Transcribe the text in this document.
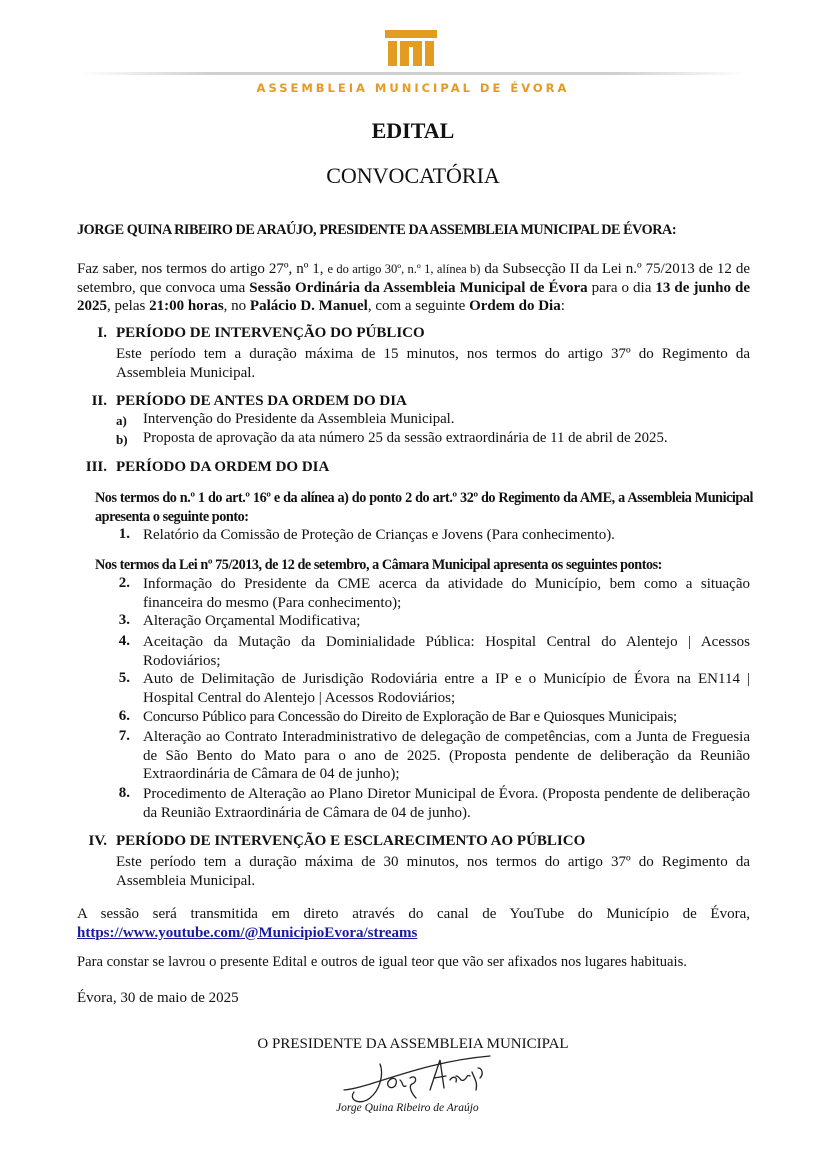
ASSEMBLEIA MUNICIPAL DE ÉVORA
EDITAL
CONVOCATÓRIA
JORGE QUINA RIBEIRO DE ARAÚJO, PRESIDENTE DA ASSEMBLEIA MUNICIPAL DE ÉVORA:
Faz saber, nos termos do artigo 27º, nº 1, e do artigo 30º, n.º 1, alínea b) da Subsecção II da Lei n.º 75/2013 de 12 de setembro, que convoca uma Sessão Ordinária da Assembleia Municipal de Évora para o dia 13 de junho de 2025, pelas 21:00 horas, no Palácio D. Manuel, com a seguinte Ordem do Dia:
I. PERÍODO DE INTERVENÇÃO DO PÚBLICO
Este período tem a duração máxima de 15 minutos, nos termos do artigo 37º do Regimento da Assembleia Municipal.
II. PERÍODO DE ANTES DA ORDEM DO DIA
a) Intervenção do Presidente da Assembleia Municipal.
b) Proposta de aprovação da ata número 25 da sessão extraordinária de 11 de abril de 2025.
III. PERÍODO DA ORDEM DO DIA
Nos termos do n.º 1 do art.º 16º e da alínea a) do ponto 2 do art.º 32º do Regimento da AME, a Assembleia Municipal apresenta o seguinte ponto:
1. Relatório da Comissão de Proteção de Crianças e Jovens (Para conhecimento).
Nos termos da Lei nº 75/2013, de 12 de setembro, a Câmara Municipal apresenta os seguintes pontos:
2. Informação do Presidente da CME acerca da atividade do Município, bem como a situação financeira do mesmo (Para conhecimento);
3. Alteração Orçamental Modificativa;
4. Aceitação da Mutação da Dominialidade Pública: Hospital Central do Alentejo | Acessos Rodoviários;
5. Auto de Delimitação de Jurisdição Rodoviária entre a IP e o Município de Évora na EN114 | Hospital Central do Alentejo | Acessos Rodoviários;
6. Concurso Público para Concessão do Direito de Exploração de Bar e Quiosques Municipais;
7. Alteração ao Contrato Interadministrativo de delegação de competências, com a Junta de Freguesia de São Bento do Mato para o ano de 2025. (Proposta pendente de deliberação da Reunião Extraordinária de Câmara de 04 de junho);
8. Procedimento de Alteração ao Plano Diretor Municipal de Évora. (Proposta pendente de deliberação da Reunião Extraordinária de Câmara de 04 de junho).
IV. PERÍODO DE INTERVENÇÃO E ESCLARECIMENTO AO PÚBLICO
Este período tem a duração máxima de 30 minutos, nos termos do artigo 37º do Regimento da Assembleia Municipal.
A sessão será transmitida em direto através do canal de YouTube do Município de Évora, https://www.youtube.com/@MunicipioEvora/streams
Para constar se lavrou o presente Edital e outros de igual teor que vão ser afixados nos lugares habituais.
Évora, 30 de maio de 2025
O PRESIDENTE DA ASSEMBLEIA MUNICIPAL
Jorge Quina Ribeiro de Araújo
